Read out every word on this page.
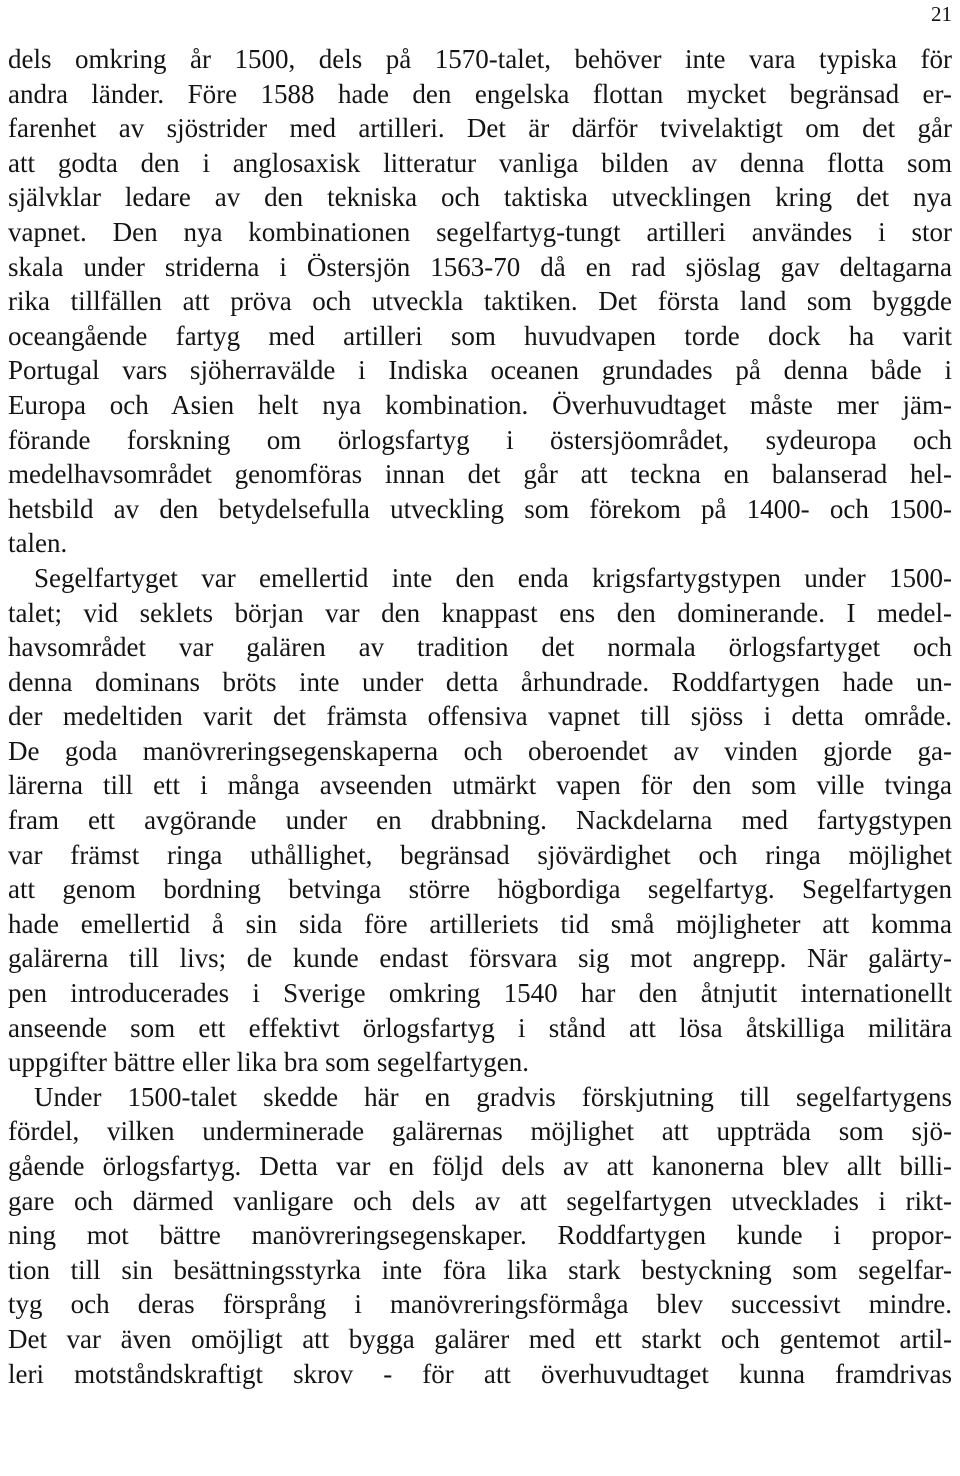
21
dels omkring år 1500, dels på 1570-talet, behöver inte vara typiska för
andra länder. Före 1588 hade den engelska flottan mycket begränsad er-
farenhet av sjöstrider med artilleri. Det är därför tvivelaktigt om det går
att godta den i anglosaxisk litteratur vanliga bilden av denna flotta som
självklar ledare av den tekniska och taktiska utvecklingen kring det nya
vapnet. Den nya kombinationen segelfartyg-tungt artilleri användes i stor
skala under striderna i Östersjön 1563-70 då en rad sjöslag gav deltagarna
rika tillfällen att pröva och utveckla taktiken. Det första land som byggde
oceangående fartyg med artilleri som huvudvapen torde dock ha varit
Portugal vars sjöherravälde i Indiska oceanen grundades på denna både i
Europa och Asien helt nya kombination. Överhuvudtaget måste mer jäm-
förande forskning om örlogsfartyg i östersjöområdet, sydeuropa och
medelhavsområdet genomföras innan det går att teckna en balanserad hel-
hetsbild av den betydelsefulla utveckling som förekom på 1400- och 1500-
talen.
Segelfartyget var emellertid inte den enda krigsfartygstypen under 1500-
talet; vid seklets början var den knappast ens den dominerande. I medel-
havsområdet var galären av tradition det normala örlogsfartyget och
denna dominans bröts inte under detta århundrade. Roddfartygen hade un-
der medeltiden varit det främsta offensiva vapnet till sjöss i detta område.
De goda manövreringsegenskaperna och oberoendet av vinden gjorde ga-
lärerna till ett i många avseenden utmärkt vapen för den som ville tvinga
fram ett avgörande under en drabbning. Nackdelarna med fartygstypen
var främst ringa uthållighet, begränsad sjövärdighet och ringa möjlighet
att genom bordning betvinga större högbordiga segelfartyg. Segelfartygen
hade emellertid å sin sida före artilleriets tid små möjligheter att komma
galärerna till livs; de kunde endast försvara sig mot angrepp. När galärty-
pen introducerades i Sverige omkring 1540 har den åtnjutit internationellt
anseende som ett effektivt örlogsfartyg i stånd att lösa åtskilliga militära
uppgifter bättre eller lika bra som segelfartygen.
Under 1500-talet skedde här en gradvis förskjutning till segelfartygens
fördel, vilken underminerade galärernas möjlighet att uppträda som sjö-
gående örlogsfartyg. Detta var en följd dels av att kanonerna blev allt billi-
gare och därmed vanligare och dels av att segelfartygen utvecklades i rikt-
ning mot bättre manövreringsegenskaper. Roddfartygen kunde i propor-
tion till sin besättningsstyrka inte föra lika stark bestyckning som segelfar-
tyg och deras försprång i manövreringsförmåga blev successivt mindre.
Det var även omöjligt att bygga galärer med ett starkt och gentemot artil-
leri motståndskraftigt skrov - för att överhuvudtaget kunna framdrivas
